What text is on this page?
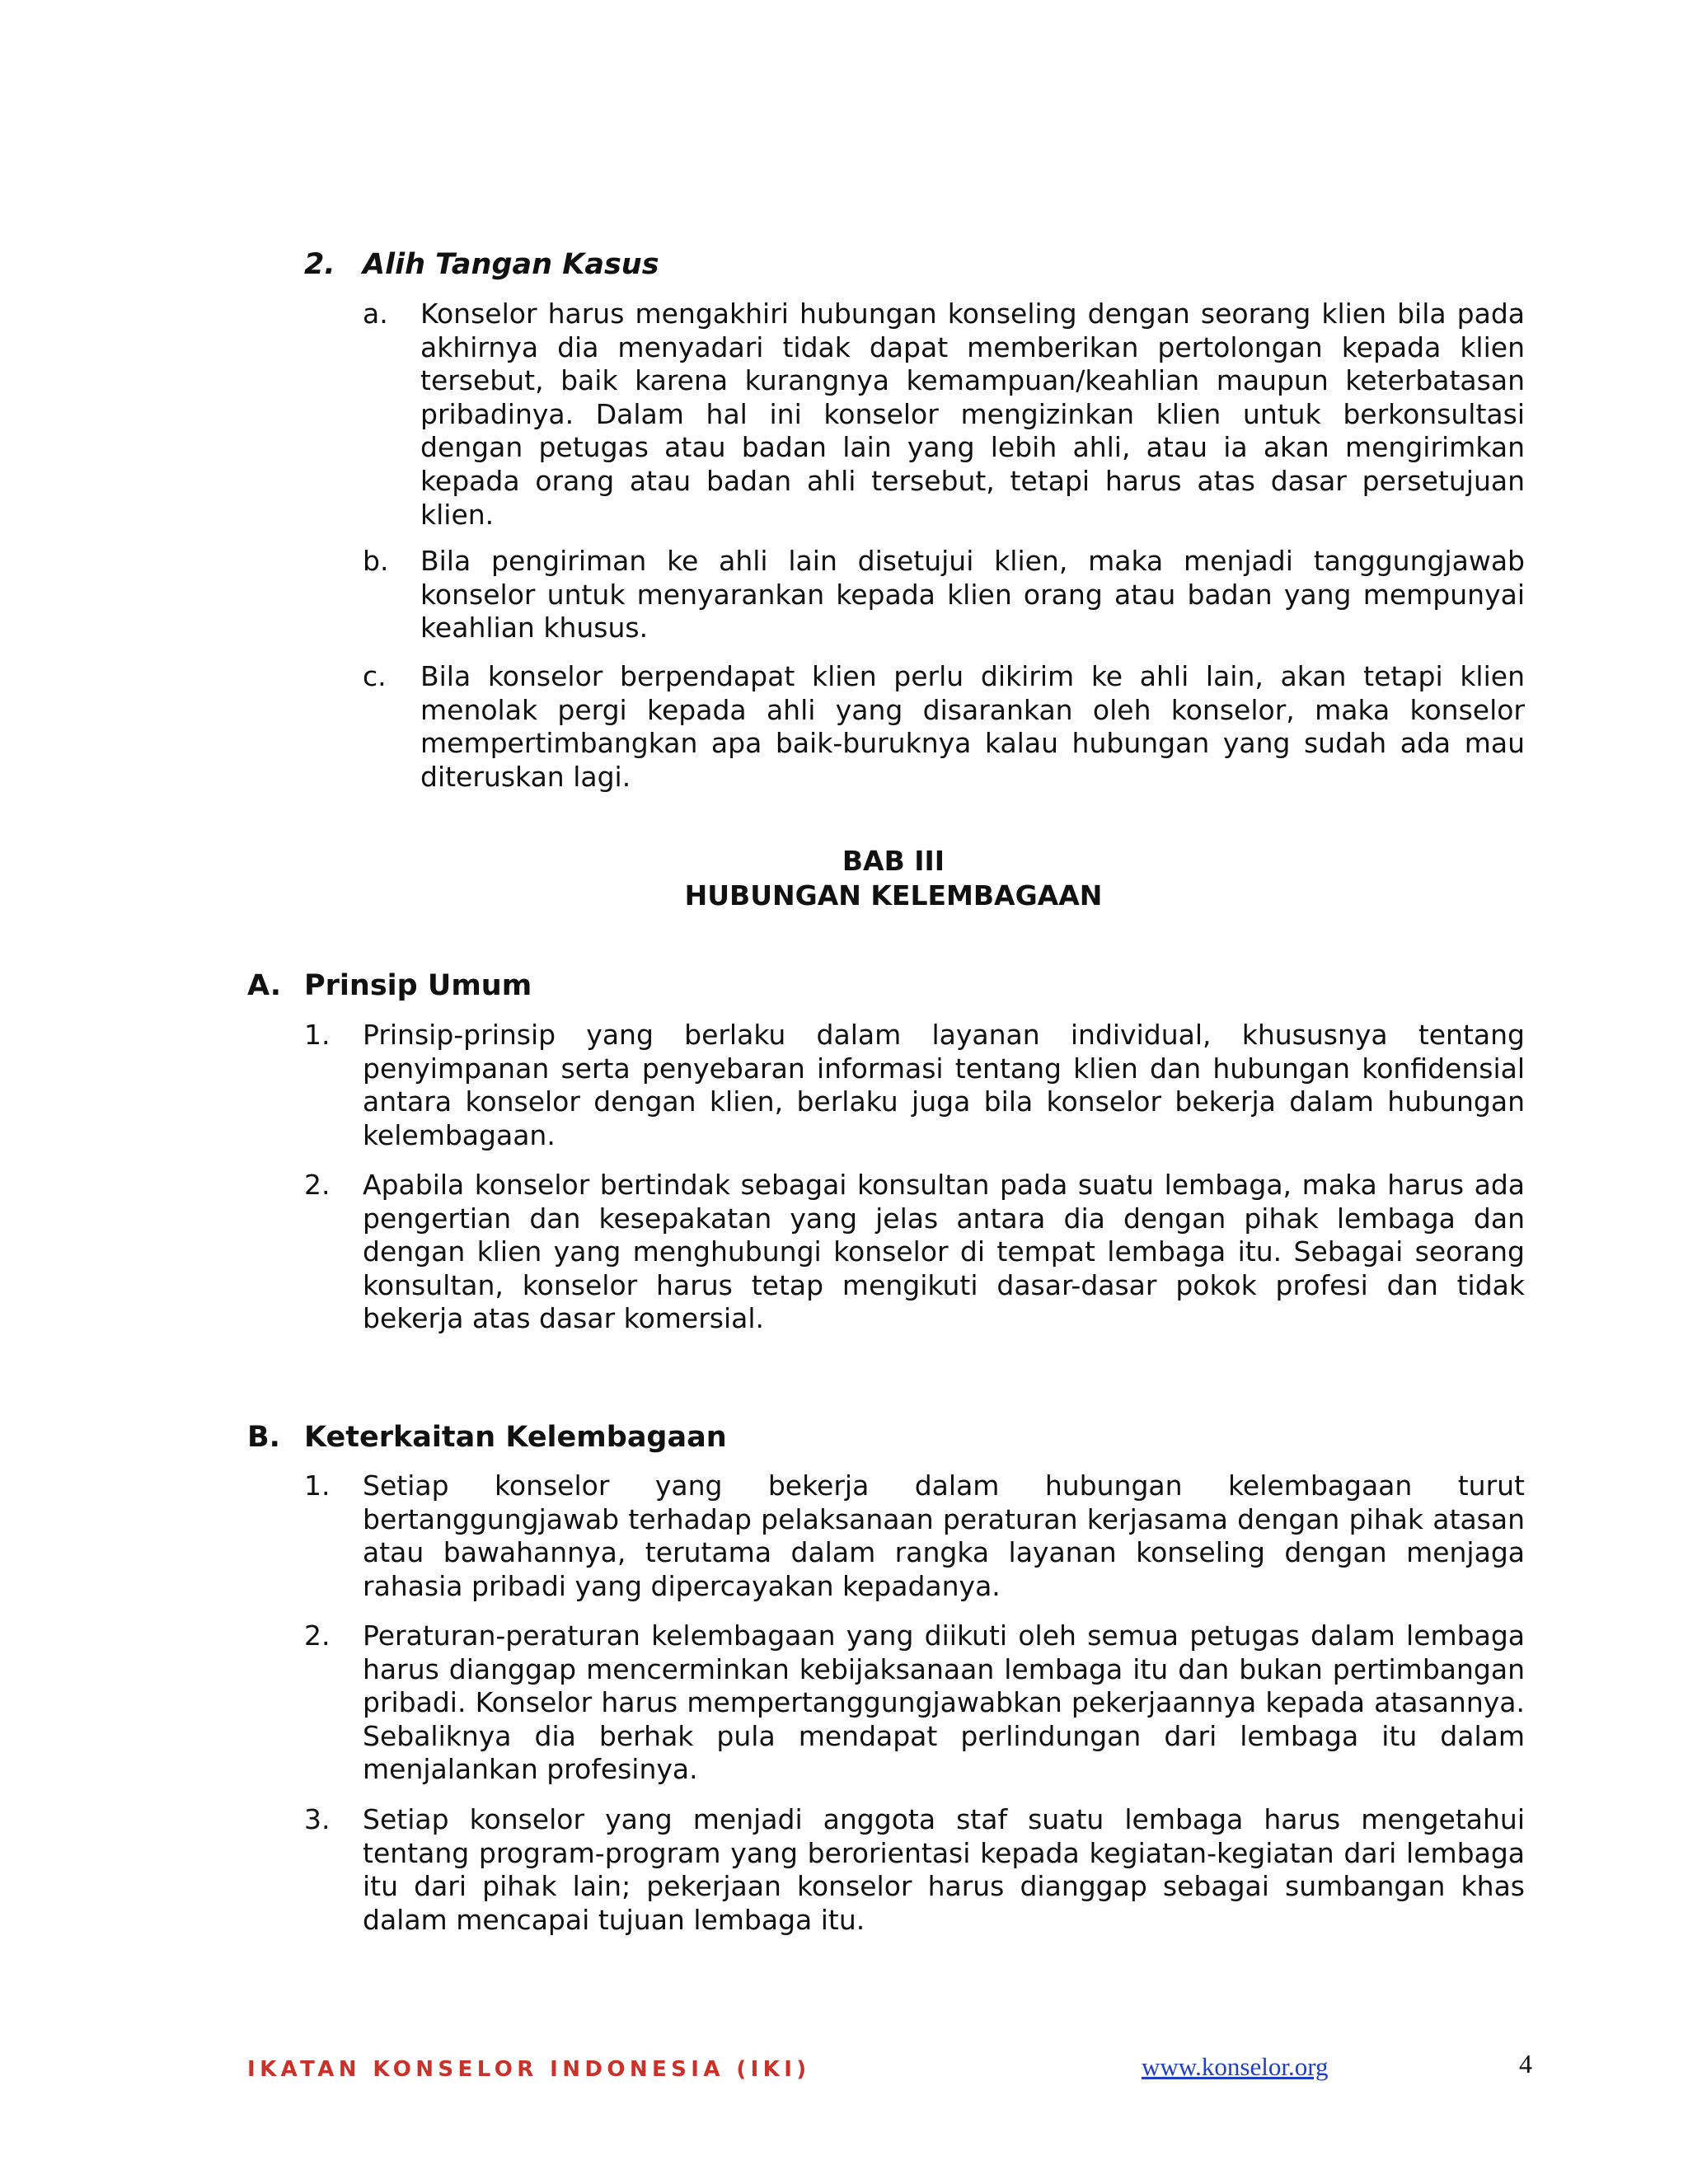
2. Alih Tangan Kasus
a. Konselor harus mengakhiri hubungan konseling dengan seorang klien bila pada akhirnya dia menyadari tidak dapat memberikan pertolongan kepada klien tersebut, baik karena kurangnya kemampuan/keahlian maupun keterbatasan pribadinya. Dalam hal ini konselor mengizinkan klien untuk berkonsultasi dengan petugas atau badan lain yang lebih ahli, atau ia akan mengirimkan kepada orang atau badan ahli tersebut, tetapi harus atas dasar persetujuan klien.
b. Bila pengiriman ke ahli lain disetujui klien, maka menjadi tanggungjawab konselor untuk menyarankan kepada klien orang atau badan yang mempunyai keahlian khusus.
c. Bila konselor berpendapat klien perlu dikirim ke ahli lain, akan tetapi klien menolak pergi kepada ahli yang disarankan oleh konselor, maka konselor mempertimbangkan apa baik-buruknya kalau hubungan yang sudah ada mau diteruskan lagi.
BAB III
HUBUNGAN KELEMBAGAAN
A. Prinsip Umum
1. Prinsip-prinsip yang berlaku dalam layanan individual, khususnya tentang penyimpanan serta penyebaran informasi tentang klien dan hubungan konfidensial antara konselor dengan klien, berlaku juga bila konselor bekerja dalam hubungan kelembagaan.
2. Apabila konselor bertindak sebagai konsultan pada suatu lembaga, maka harus ada pengertian dan kesepakatan yang jelas antara dia dengan pihak lembaga dan dengan klien yang menghubungi konselor di tempat lembaga itu. Sebagai seorang konsultan, konselor harus tetap mengikuti dasar-dasar pokok profesi dan tidak bekerja atas dasar komersial.
B. Keterkaitan Kelembagaan
1. Setiap konselor yang bekerja dalam hubungan kelembagaan turut bertanggungjawab terhadap pelaksanaan peraturan kerjasama dengan pihak atasan atau bawahannya, terutama dalam rangka layanan konseling dengan menjaga rahasia pribadi yang dipercayakan kepadanya.
2. Peraturan-peraturan kelembagaan yang diikuti oleh semua petugas dalam lembaga harus dianggap mencerminkan kebijaksanaan lembaga itu dan bukan pertimbangan pribadi. Konselor harus mempertanggungjawabkan pekerjaannya kepada atasannya. Sebaliknya dia berhak pula mendapat perlindungan dari lembaga itu dalam menjalankan profesinya.
3. Setiap konselor yang menjadi anggota staf suatu lembaga harus mengetahui tentang program-program yang berorientasi kepada kegiatan-kegiatan dari lembaga itu dari pihak lain; pekerjaan konselor harus dianggap sebagai sumbangan khas dalam mencapai tujuan lembaga itu.
IKATAN KONSELOR INDONESIA (IKI)	www.konselor.org	4
